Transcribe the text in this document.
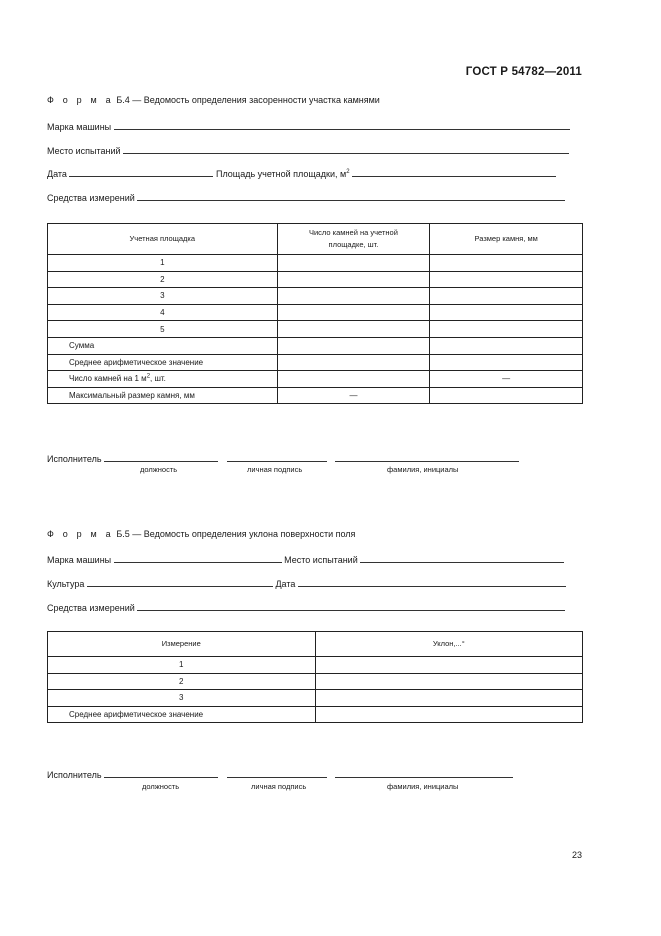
ГОСТ Р 54782—2011
Ф о р м а Б.4 — Ведомость определения засоренности участка камнями
Марка машины
Место испытаний
Дата	Площадь учетной площадки, $м^2$
Средства измерений
Учетная площадка	Число камней на учетной площадке, шт.	Размер камня, мм
1		
2		
3		
4		
5		
Сумма		
Среднее арифметическое значение		
Число камней на 1 $м^2$, шт.		—
Максимальный размер камня, мм	—	
Исполнитель
должность	личная подпись	фамилия, инициалы
Ф о р м а Б.5 — Ведомость определения уклона поверхности поля
Марка машины	Место испытаний
Культура	Дата
Средства измерений
Измерение	Уклон,...°
1	
2	
3	
Среднее арифметическое значение	
Исполнитель
должность	личная подпись	фамилия, инициалы
23
